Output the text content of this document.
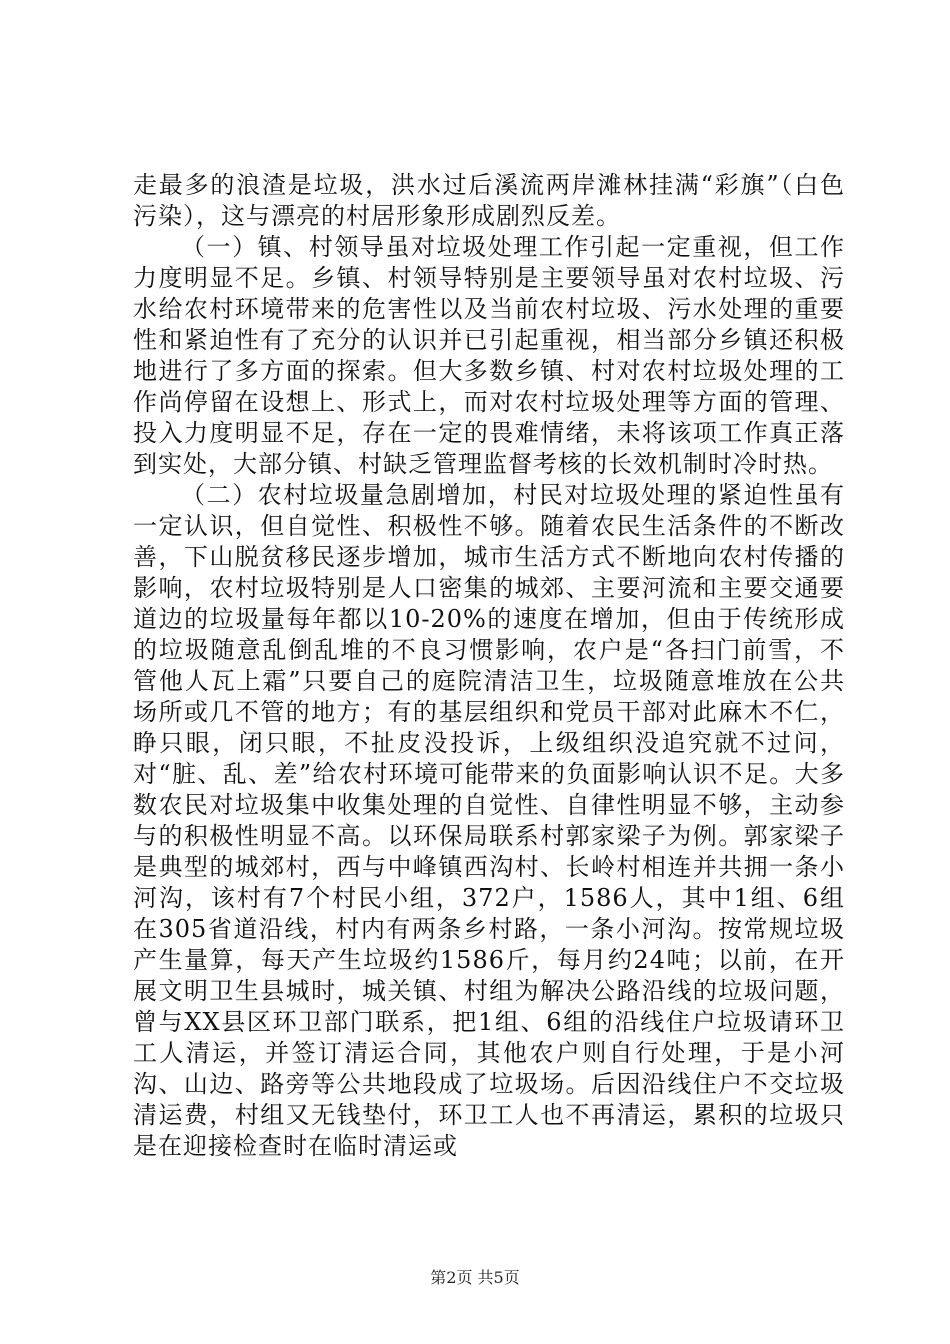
走最多的浪渣是垃圾，洪水过后溪流两岸滩林挂满“彩旗”（白色污染），这与漂亮的村居形象形成剧烈反差。

（一）镇、村领导虽对垃圾处理工作引起一定重视，但工作力度明显不足。乡镇、村领导特别是主要领导虽对农村垃圾、污水给农村环境带来的危害性以及当前农村垃圾、污水处理的重要性和紧迫性有了充分的认识并已引起重视，相当部分乡镇还积极地进行了多方面的探索。但大多数乡镇、村对农村垃圾处理的工作尚停留在设想上、形式上，而对农村垃圾处理等方面的管理、投入力度明显不足，存在一定的畏难情绪，未将该项工作真正落到实处，大部分镇、村缺乏管理监督考核的长效机制时冷时热。

（二）农村垃圾量急剧增加，村民对垃圾处理的紧迫性虽有一定认识，但自觉性、积极性不够。随着农民生活条件的不断改善，下山脱贫移民逐步增加，城市生活方式不断地向农村传播的影响，农村垃圾特别是人口密集的城郊、主要河流和主要交通要道边的垃圾量每年都以10-20%的速度在增加，但由于传统形成的垃圾随意乱倒乱堆的不良习惯影响，农户是“各扫门前雪，不管他人瓦上霜”只要自己的庭院清洁卫生，垃圾随意堆放在公共场所或几不管的地方；有的基层组织和党员干部对此麻木不仁，睁只眼，闭只眼，不扯皮没投诉，上级组织没追究就不过问，对“脏、乱、差”给农村环境可能带来的负面影响认识不足。大多数农民对垃圾集中收集处理的自觉性、自律性明显不够，主动参与的积极性明显不高。以环保局联系村郭家梁子为例。郭家梁子是典型的城郊村，西与中峰镇西沟村、长岭村相连并共拥一条小河沟，该村有7个村民小组，372户，1586人，其中1组、6组在305省道沿线，村内有两条乡村路，一条小河沟。按常规垃圾产生量算，每天产生垃圾约1586斤，每月约24吨；以前，在开展文明卫生县城时，城关镇、村组为解决公路沿线的垃圾问题，曾与XX县区环卫部门联系，把1组、6组的沿线住户垃圾请环卫工人清运，并签订清运合同，其他农户则自行处理，于是小河沟、山边、路旁等公共地段成了垃圾场。后因沿线住户不交垃圾清运费，村组又无钱垫付，环卫工人也不再清运，累积的垃圾只是在迎接检查时在临时清运或

第2页 共5页
